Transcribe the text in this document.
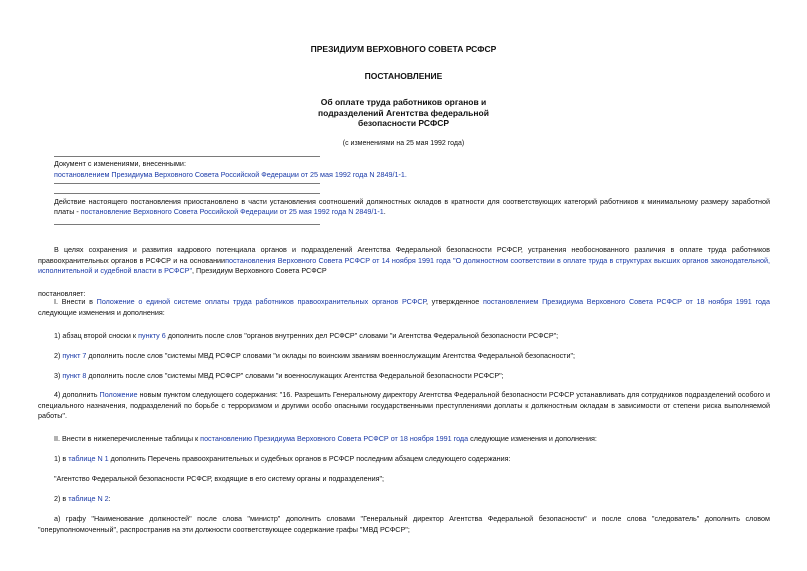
ПРЕЗИДИУМ ВЕРХОВНОГО СОВЕТА РСФСР
ПОСТАНОВЛЕНИЕ
Об оплате труда работников органов и
подразделений Агентства федеральной
безопасности РСФСР
(с изменениями на 25 мая 1992 года)
Документ с изменениями, внесенными:
постановлением Президиума Верховного Совета Российской Федерации от 25 мая 1992 года N 2849/1-1.
Действие настоящего постановления приостановлено в части установления соотношений должностных окладов в кратности для соответствующих категорий работников к минимальному размеру заработной платы - постановление Верховного Совета Российской Федерации от 25 мая 1992 года N 2849/1-1.
В целях сохранения и развития кадрового потенциала органов и подразделений Агентства Федеральной безопасности РСФСР, устранения необоснованного различия в оплате труда работников правоохранительных органов в РСФСР и на основаниипостановления Верховного Совета РСФСР от 14 ноября 1991 года "О должностном соответствии в оплате труда в структурах высших органов законодательной, исполнительной и судебной власти в РСФСР", Президиум Верховного Совета РСФСР
постановляет:
I. Внести в Положение о единой системе оплаты труда работников правоохранительных органов РСФСР, утвержденное постановлением Президиума Верховного Совета РСФСР от 18 ноября 1991 года следующие изменения и дополнения:
1) абзац второй сноски к пункту 6 дополнить после слов "органов внутренних дел РСФСР" словами "и Агентства Федеральной безопасности РСФСР";
2) пункт 7 дополнить после слов "системы МВД РСФСР словами "и оклады по воинским званиям военнослужащим Агентства Федеральной безопасности";
3) пункт 8 дополнить после слов "системы МВД РСФСР" словами "и военнослужащих Агентства Федеральной безопасности РСФСР";
4) дополнить Положение новым пунктом следующего содержания: "16. Разрешить Генеральному директору Агентства Федеральной безопасности РСФСР устанавливать для сотрудников подразделений особого и специального назначения, подразделений по борьбе с терроризмом и другими особо опасными государственными преступлениями доплаты к должностным окладам в зависимости от степени риска выполняемой работы".
II. Внести в нижеперечисленные таблицы к постановлению Президиума Верховного Совета РСФСР от 18 ноября 1991 года следующие изменения и дополнения:
1) в таблице N 1 дополнить Перечень правоохранительных и судебных органов в РСФСР последним абзацем следующего содержания:
"Агентство Федеральной безопасности РСФСР, входящие в его систему органы и подразделения";
2) в таблице N 2:
а) графу "Наименование должностей" после слова "министр" дополнить словами "Генеральный директор Агентства Федеральной безопасности" и после слова "следователь" дополнить словом "оперуполномоченный", распространив на эти должности соответствующее содержание графы "МВД РСФСР";
